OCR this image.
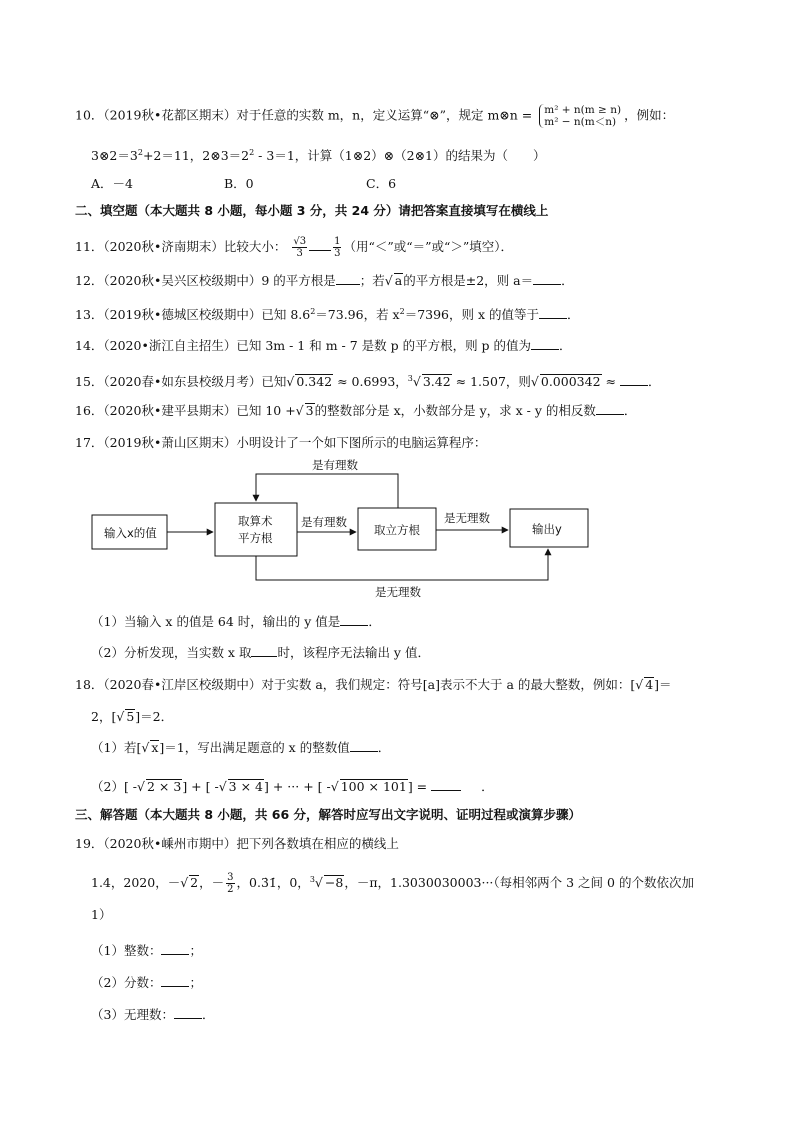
10．（2019秋•花都区期末）对于任意的实数 m，n，定义运算“⊗”，规定 m⊗n = m² + n(m ≥ n)
m² − n(m＜n) ，例如：
$3\otimes 2=3^2+2=11$，$2\otimes 3=2^2 - 3=1$，计算（1⊗2）⊗（2⊗1）的结果为（　　）
A．－4	B．0	C．6
二、填空题（本大题共 8 小题，每小题 3 分，共 24 分）请把答案直接填写在横线上
11．（2020秋•济南期末）比较大小： $\frac{√3}{3}$	$\frac{1}{3}$ （用“＜”或“＝”或“＞”填空）．
12．（2020秋•吴兴区校级期中）9 的平方根是 ；若√ a的平方根是±2，则 a＝ ．
13．（2019秋•德城区校级期中）已知 $8.6^2=73.96$，若 $x^2=7396$，则 x 的值等于 ．
14．（2020•浙江自主招生）已知 3m - 1 和 m - 7 是数 p 的平方根，则 p 的值为 ．
15．（2020春•如东县校级月考）已知√ 0.342 ≈ 0.6993，$^3$√ 3.42 ≈ 1.507，则√ 0.000342 ≈	．
16．（2020秋•建平县期末）已知 10 +√ 3的整数部分是 x，小数部分是 y，求 x - y 的相反数 ．
17．（2019秋•萧山区期末）小明设计了一个如下图所示的电脑运算程序：
输入x的值
取算术
平方根
取立方根	输出y
是有理数
是有理数	是无理数
是无理数
（1）当输入 x 的值是 64 时，输出的 y 值是 ．
（2）分析发现，当实数 x 取 时，该程序无法输出 y 值．
18．（2020春•江岸区校级期中）对于实数 a，我们规定：符号[a]表示不大于 a 的最大整数，例如：[√ 4]＝
2，[√ 5]＝2．
（1）若[√ x]＝1，写出满足题意的 x 的整数值 ．
（2）[ -√ 2 × 3] + [ -√ 3 × 4] + ··· + [ -√ 100 × 101] =	．
三、解答题（本大题共 8 小题，共 66 分，解答时应写出文字说明、证明过程或演算步骤）
19．（2020秋•嵊州市期中）把下列各数填在相应的横线上
1.4，2020，－√ 2，－ $\frac{3}{2}$ ，0.3̇1̇，0，$^3$√ −8，－π，1.3030030003···（每相邻两个 3 之间 0 的个数依次加
1）
（1）整数： ；
（2）分数： ；
（3）无理数： ．
